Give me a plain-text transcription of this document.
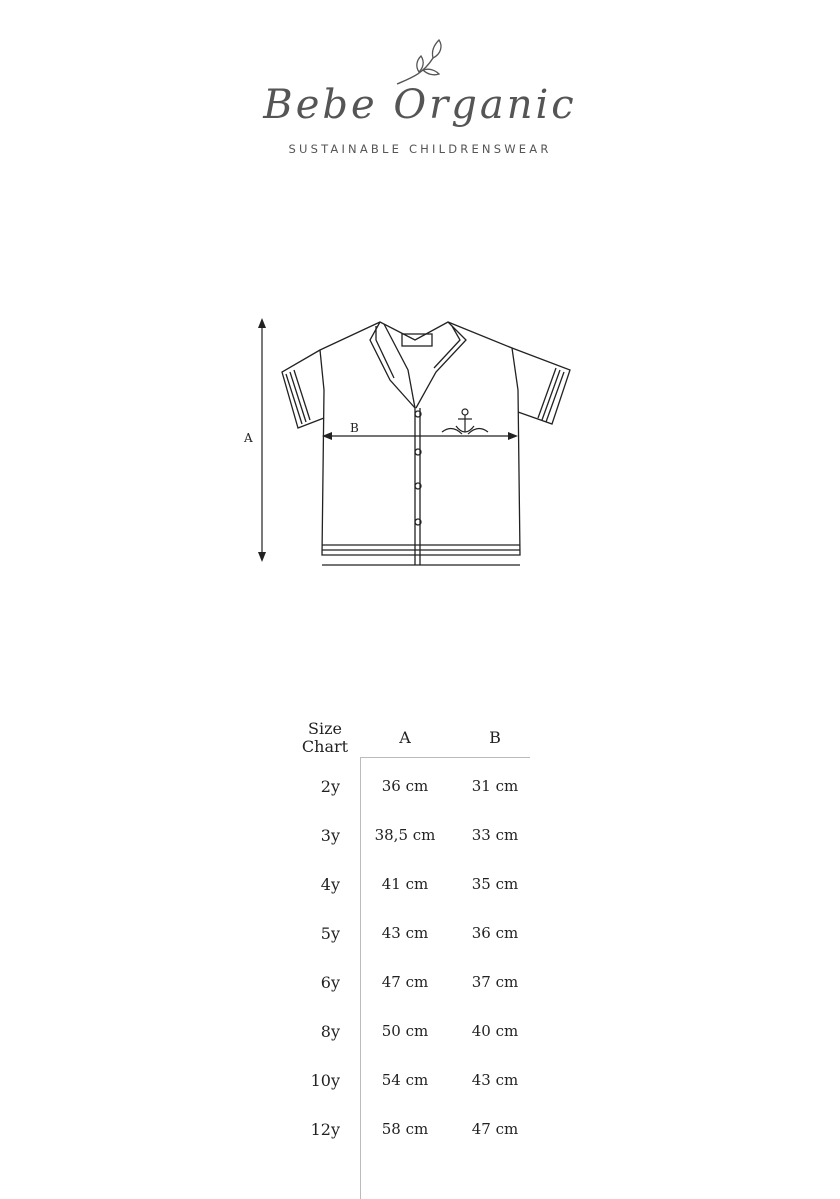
Bebe Organic
SUSTAINABLE CHILDRENSWEAR
A
B
Size
Chart	A	B
2y	36 cm	31 cm
3y	38,5 cm	33 cm
4y	41 cm	35 cm
5y	43 cm	36 cm
6y	47 cm	37 cm
8y	50 cm	40 cm
10y	54 cm	43 cm
12y	58 cm	47 cm
